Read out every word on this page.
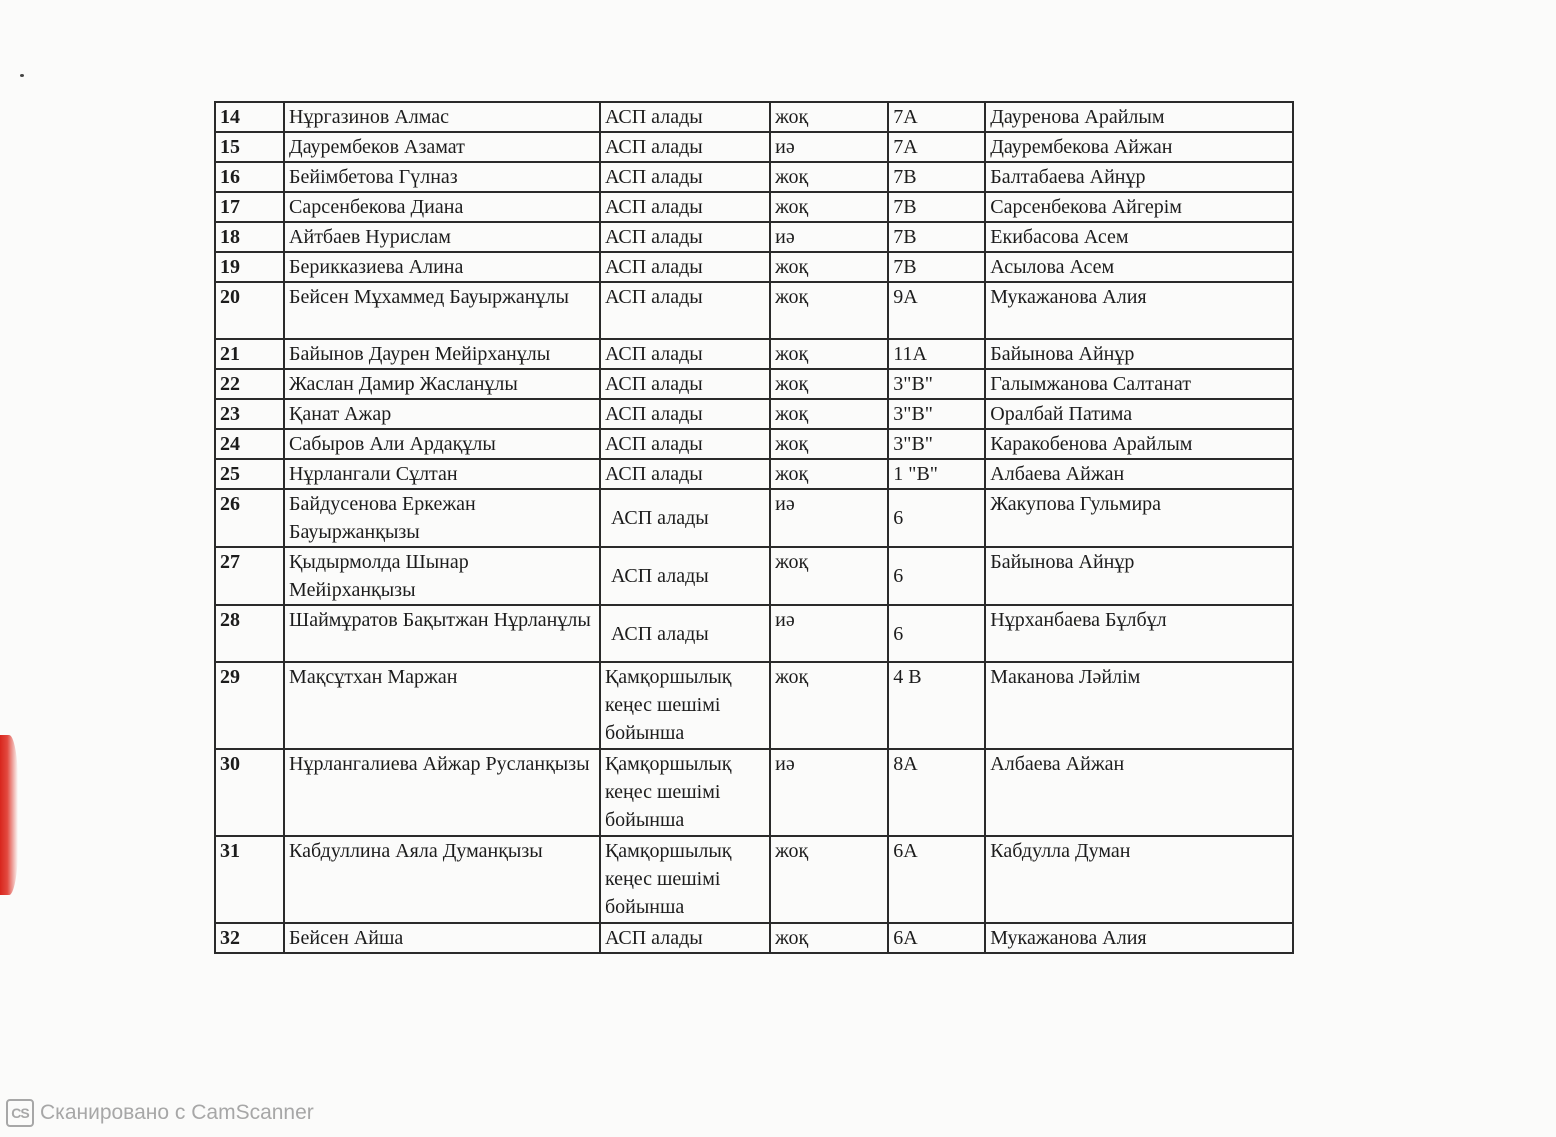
14	Нұргазинов Алмас	АСП алады	жоқ	7А	Дауренова Арайлым
15	Даурембеков Азамат	АСП алады	иә	7А	Даурембекова Айжан
16	Бейімбетова Гүлназ	АСП алады	жоқ	7В	Балтабаева Айнұр
17	Сарсенбекова Диана	АСП алады	жоқ	7В	Сарсенбекова Айгерім
18	Айтбаев Нурислам	АСП алады	иә	7В	Екибасова Асем
19	Берикказиева Алина	АСП алады	жоқ	7В	Асылова Асем
20	Бейсен Мұхаммед Бауыржанұлы	АСП алады	жоқ	9А	Мукажанова Алия
21	Байынов Даурен Мейірханұлы	АСП алады	жоқ	11А	Байынова Айнұр
22	Жаслан Дамир Жасланұлы	АСП алады	жоқ	3"В"	Галымжанова Салтанат
23	Қанат Ажар	АСП алады	жоқ	3"В"	Оралбай Патима
24	Сабыров Али Ардақұлы	АСП алады	жоқ	3"В"	Каракобенова Арайлым
25	Нұрлангали Сұлтан	АСП алады	жоқ	1 "В"	Албаева Айжан
26	Байдусенова Еркежан Бауыржанқызы	АСП алады	иә	6	Жакупова Гульмира
27	Қыдырмолда Шынар Мейірханқызы	АСП алады	жоқ	6	Байынова Айнұр
28	Шаймұратов Бақытжан Нұрланұлы	АСП алады	иә	6	Нұрханбаева Бұлбұл
29	Мақсұтхан Маржан	Қамқоршылық кеңес шешімі бойынша	жоқ	4 В	Маканова Ләйлім
30	Нұрлангалиева Айжар Русланқызы	Қамқоршылық кеңес шешімі бойынша	иә	8А	Албаева Айжан
31	Кабдуллина Аяла Думанқызы	Қамқоршылық кеңес шешімі бойынша	жоқ	6А	Кабдулла Думан
32	Бейсен Айша	АСП алады	жоқ	6А	Мукажанова Алия
CS Сканировано с CamScanner
